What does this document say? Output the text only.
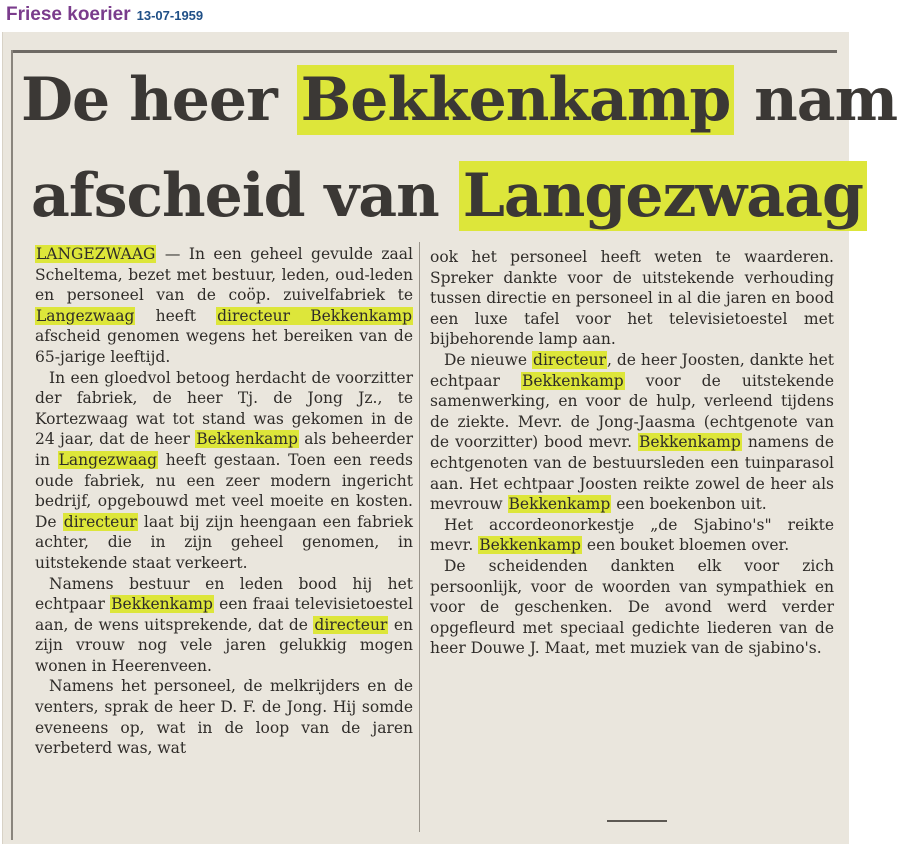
Friese koerier 13-07-1959
De heer Bekkenkamp nam
afscheid van Langezwaag

LANGEZWAAG — In een geheel gevulde zaal Scheltema, bezet met bestuur, leden, oud-leden en personeel van de coöp. zuivelfabriek te Langezwaag heeft directeur Bekkenkamp afscheid genomen wegens het bereiken van de 65-jarige leeftijd.

In een gloedvol betoog herdacht de voorzitter der fabriek, de heer Tj. de Jong Jz., te Kortezwaag wat tot stand was gekomen in de 24 jaar, dat de heer Bekkenkamp als beheerder in Langezwaag heeft gestaan. Toen een reeds oude fabriek, nu een zeer modern ingericht bedrijf, opgebouwd met veel moeite en kosten. De directeur laat bij zijn heengaan een fabriek achter, die in zijn geheel genomen, in uitstekende staat verkeert.

Namens bestuur en leden bood hij het echtpaar Bekkenkamp een fraai televisietoestel aan, de wens uitsprekende, dat de directeur en zijn vrouw nog vele jaren gelukkig mogen wonen in Heerenveen.

Namens het personeel, de melkrijders en de venters, sprak de heer D. F. de Jong. Hij somde eveneens op, wat in de loop van de jaren verbeterd was, wat

ook het personeel heeft weten te waarderen. Spreker dankte voor de uitstekende verhouding tussen directie en personeel in al die jaren en bood een luxe tafel voor het televisietoestel met bijbehorende lamp aan.

De nieuwe directeur, de heer Joosten, dankte het echtpaar Bekkenkamp voor de uitstekende samenwerking, en voor de hulp, verleend tijdens de ziekte. Mevr. de Jong-Jaasma (echtgenote van de voorzitter) bood mevr. Bekkenkamp namens de echtgenoten van de bestuursleden een tuinparasol aan. Het echtpaar Joosten reikte zowel de heer als mevrouw Bekkenkamp een boekenbon uit.

Het accordeonorkestje „de Sjabino's" reikte mevr. Bekkenkamp een bouket bloemen over.

De scheidenden dankten elk voor zich persoonlijk, voor de woorden van sympathiek en voor de geschenken. De avond werd verder opgefleurd met speciaal gedichte liederen van de heer Douwe J. Maat, met muziek van de sjabino's.
